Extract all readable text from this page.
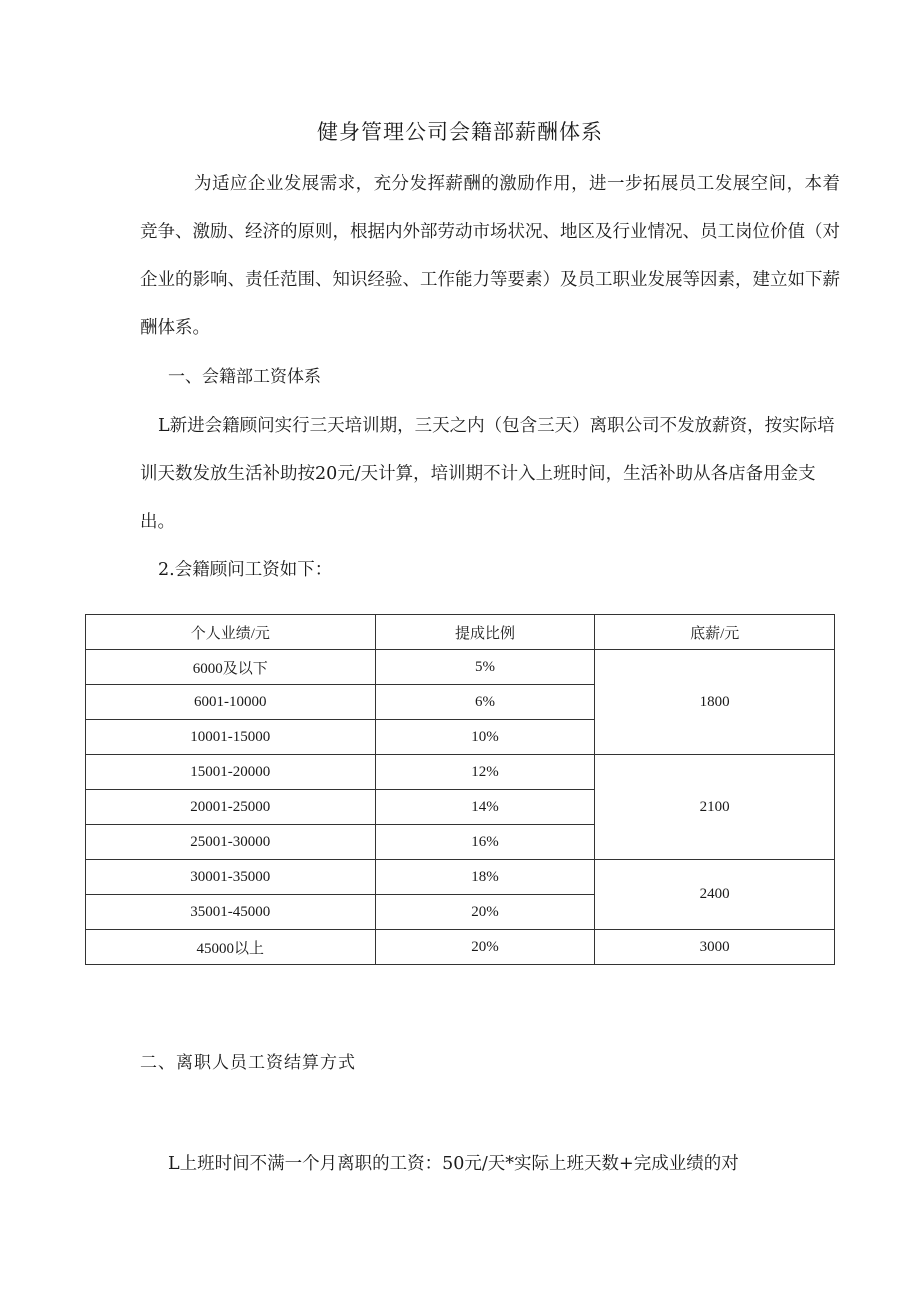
健身管理公司会籍部薪酬体系
为适应企业发展需求，充分发挥薪酬的激励作用，进一步拓展员工发展空间，本着竞争、激励、经济的原则，根据内外部劳动市场状况、地区及行业情况、员工岗位价值（对企业的影响、责任范围、知识经验、工作能力等要素）及员工职业发展等因素，建立如下薪酬体系。
一、会籍部工资体系
L新进会籍顾问实行三天培训期，三天之内（包含三天）离职公司不发放薪资，按实际培训天数发放生活补助按20元/天计算，培训期不计入上班时间，生活补助从各店备用金支出。
2.会籍顾问工资如下：
个人业绩/元	提成比例	底薪/元
6000及以下	5%	1800
6001-10000	6%	
10001-15000	10%	
15001-20000	12%	2100
20001-25000	14%	
25001-30000	16%	
30001-35000	18%	2400
35001-45000	20%	
45000以上	20%	3000
二、离职人员工资结算方式
L上班时间不满一个月离职的工资：50元/天*实际上班天数+完成业绩的对
